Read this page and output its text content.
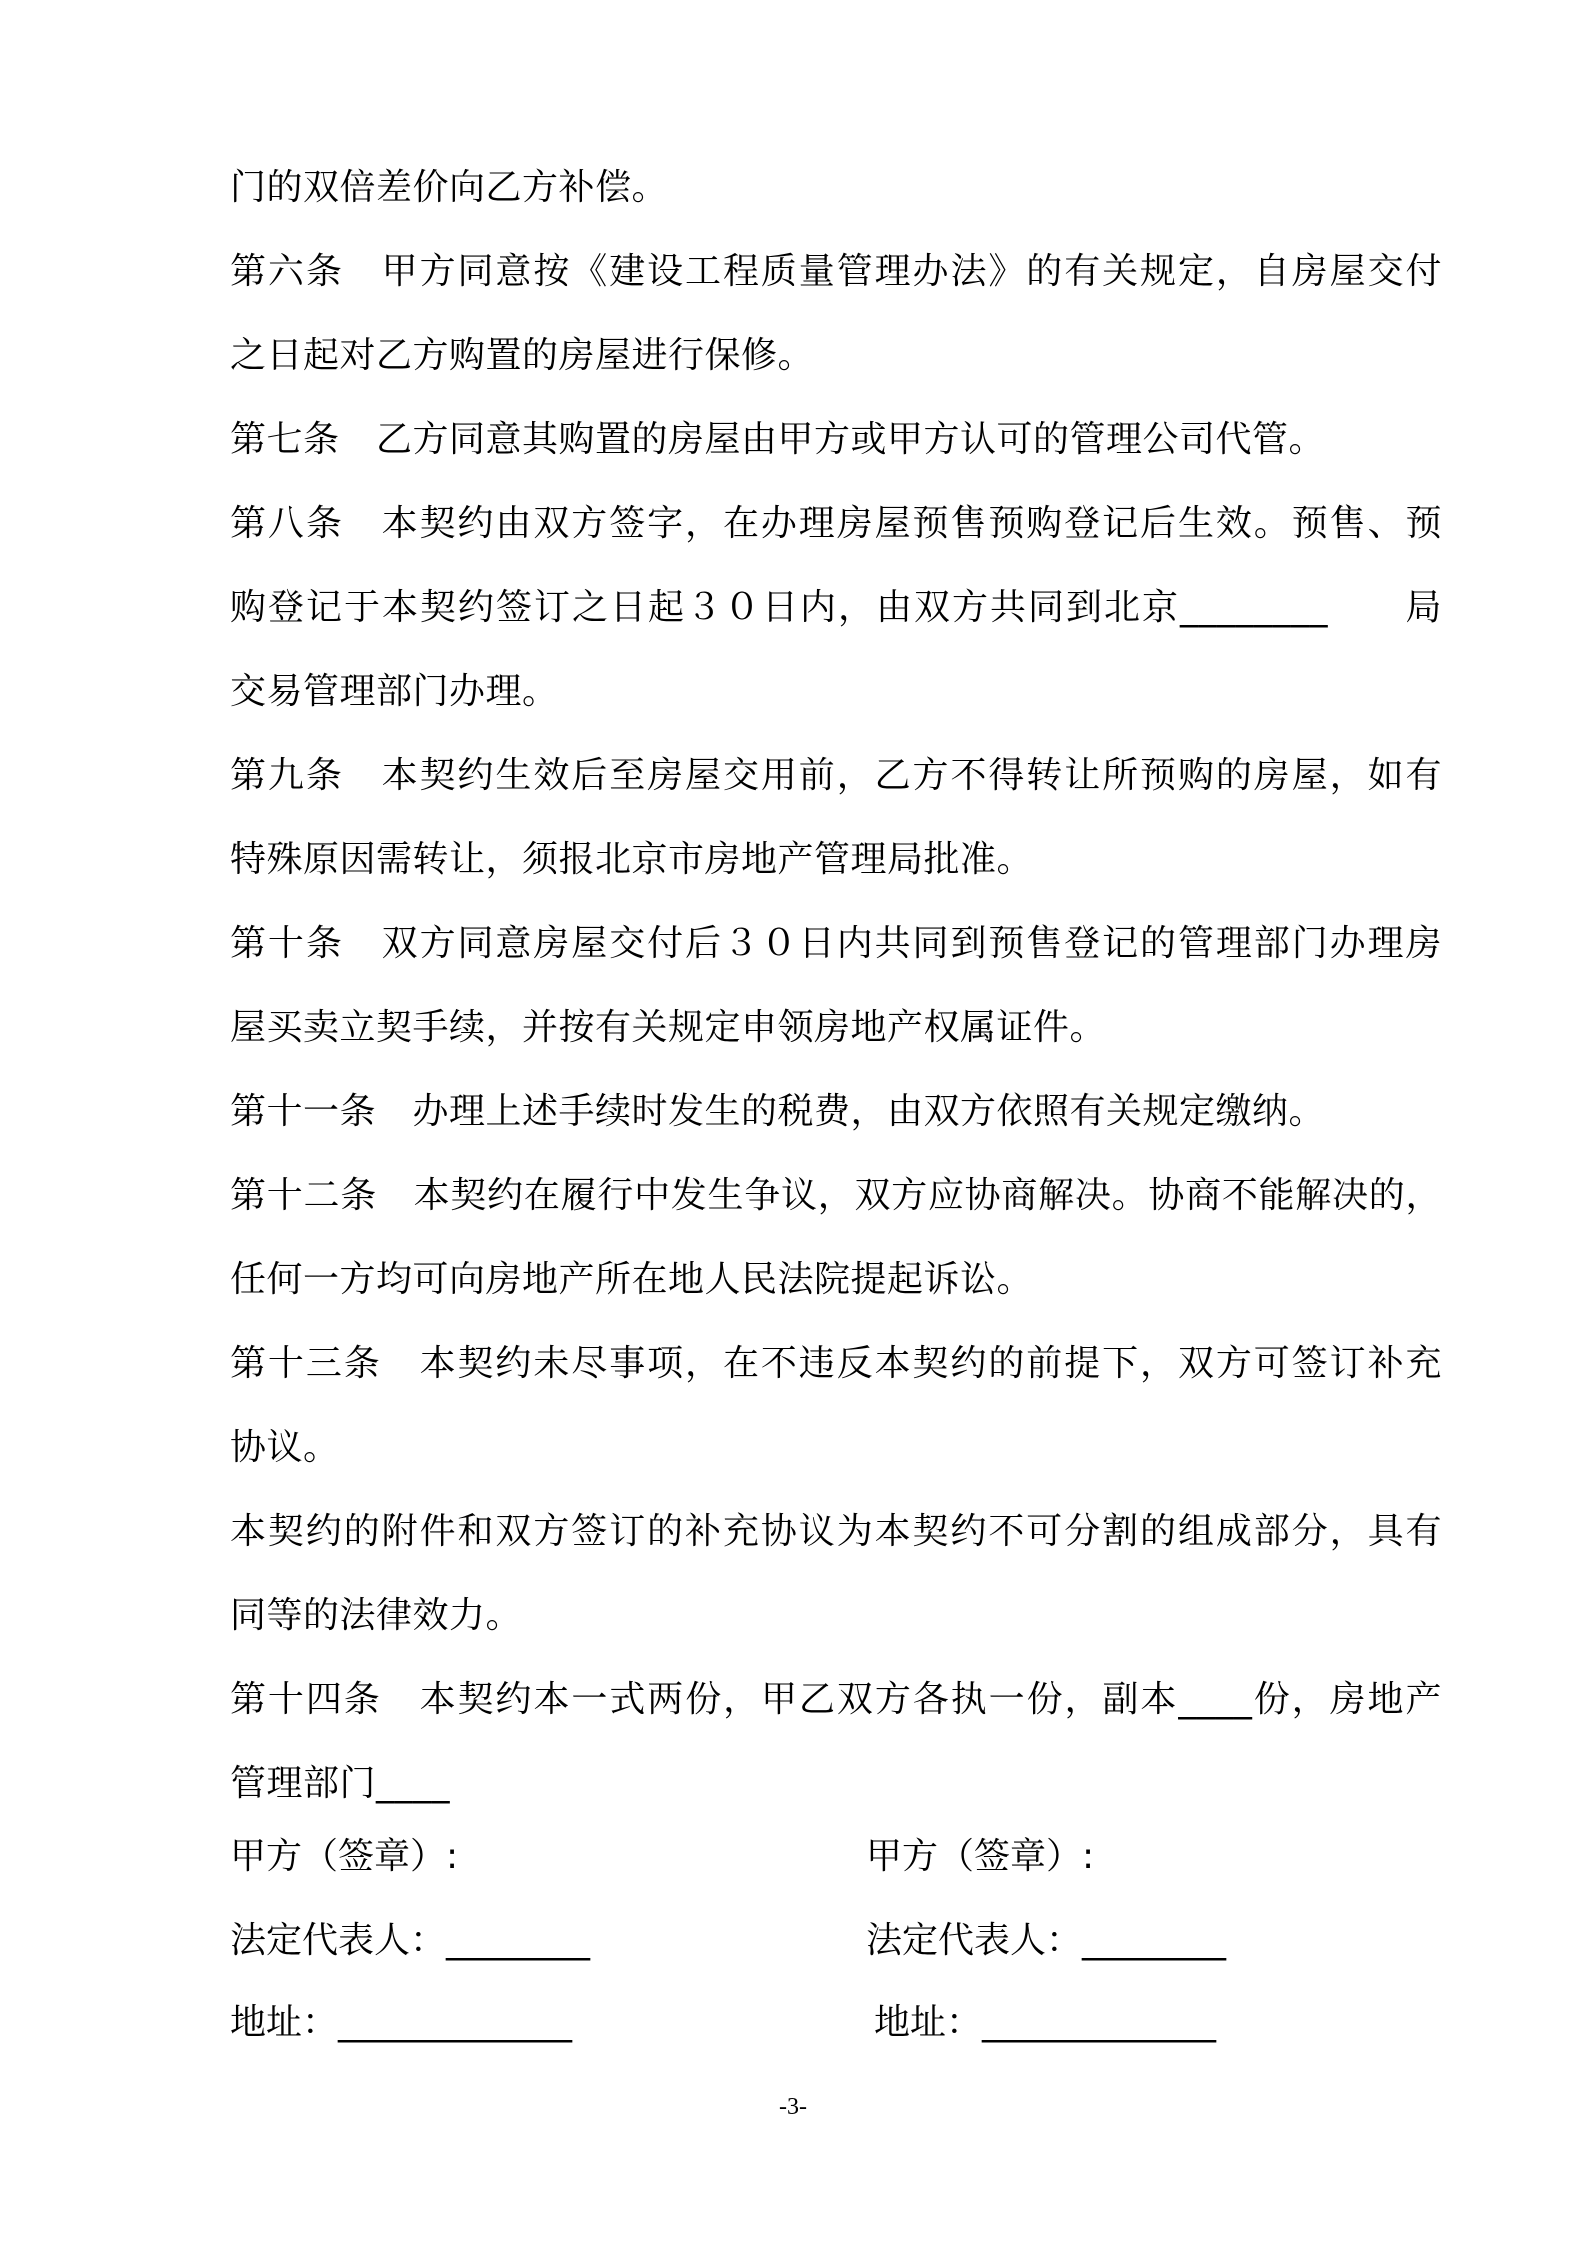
门的双倍差价向乙方补偿。
第六条　甲方同意按《建设工程质量管理办法》的有关规定，自房屋交付
之日起对乙方购置的房屋进行保修。
第七条　乙方同意其购置的房屋由甲方或甲方认可的管理公司代管。
第八条　本契约由双方签字，在办理房屋预售预购登记后生效。预售、预
购登记于本契约签订之日起３０日内，由双方共同到北京________　　局
交易管理部门办理。
第九条　本契约生效后至房屋交用前，乙方不得转让所预购的房屋，如有
特殊原因需转让，须报北京市房地产管理局批准。
第十条　双方同意房屋交付后３０日内共同到预售登记的管理部门办理房
屋买卖立契手续，并按有关规定申领房地产权属证件。
第十一条　办理上述手续时发生的税费，由双方依照有关规定缴纳。
第十二条　本契约在履行中发生争议，双方应协商解决。协商不能解决的，
任何一方均可向房地产所在地人民法院提起诉讼。
第十三条　本契约未尽事项，在不违反本契约的前提下，双方可签订补充
协议。
本契约的附件和双方签订的补充协议为本契约不可分割的组成部分，具有
同等的法律效力。
第十四条　本契约本一式两份，甲乙双方各执一份，副本____份，房地产
管理部门____
甲方（签章）:
法定代表人：________
地址：_____________
甲方（签章）:
法定代表人：________
地址：_____________
-3-
